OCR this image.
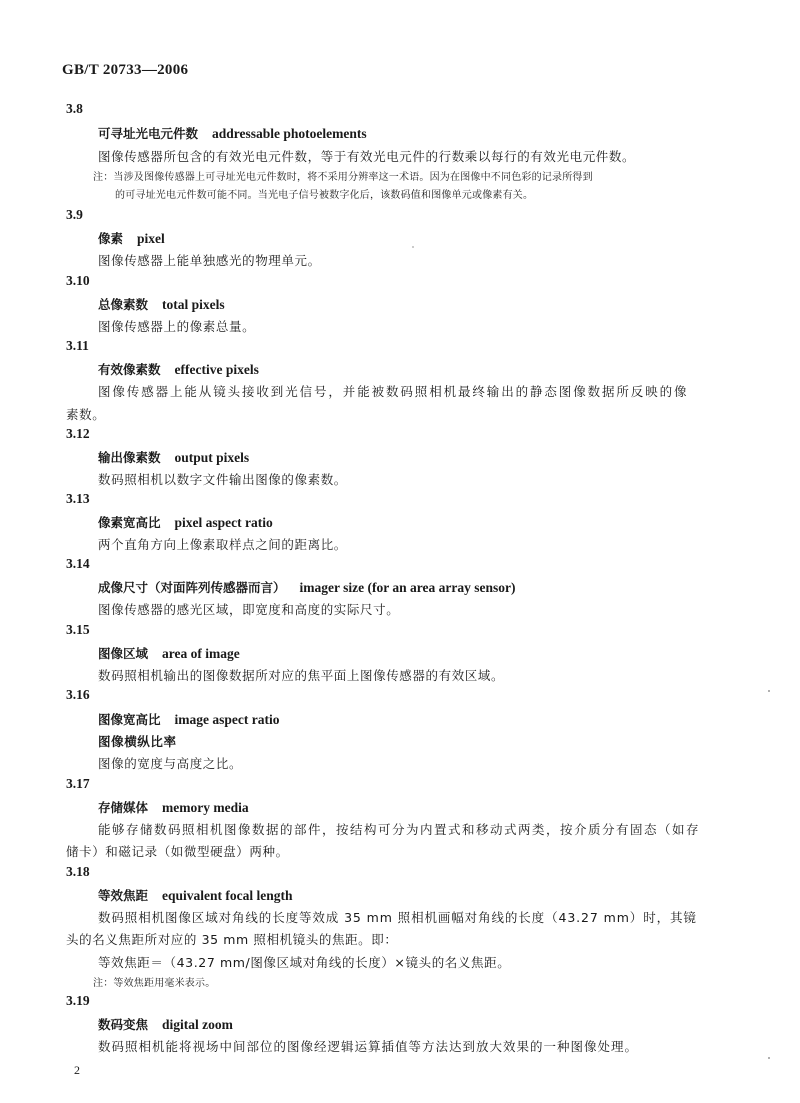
GB/T 20733—2006
3.8
可寻址光电元件数 addressable photoelements
图像传感器所包含的有效光电元件数，等于有效光电元件的行数乘以每行的有效光电元件数。
注：当涉及图像传感器上可寻址光电元件数时，将不采用分辨率这一术语。因为在图像中不同色彩的记录所得到
的可寻址光电元件数可能不同。当光电子信号被数字化后，该数码值和图像单元或像素有关。
3.9
像素 pixel
图像传感器上能单独感光的物理单元。
3.10
总像素数 total pixels
图像传感器上的像素总量。
3.11
有效像素数 effective pixels
图像传感器上能从镜头接收到光信号，并能被数码照相机最终输出的静态图像数据所反映的像
素数。
3.12
输出像素数 output pixels
数码照相机以数字文件输出图像的像素数。
3.13
像素宽高比 pixel aspect ratio
两个直角方向上像素取样点之间的距离比。
3.14
成像尺寸（对面阵列传感器而言） imager size (for an area array sensor)
图像传感器的感光区域，即宽度和高度的实际尺寸。
3.15
图像区域 area of image
数码照相机输出的图像数据所对应的焦平面上图像传感器的有效区域。
3.16
图像宽高比 image aspect ratio
图像横纵比率
图像的宽度与高度之比。
3.17
存储媒体 memory media
能够存储数码照相机图像数据的部件，按结构可分为内置式和移动式两类，按介质分有固态（如存
储卡）和磁记录（如微型硬盘）两种。
3.18
等效焦距 equivalent focal length
数码照相机图像区域对角线的长度等效成 35 mm 照相机画幅对角线的长度（43.27 mm）时，其镜
头的名义焦距所对应的 35 mm 照相机镜头的焦距。即：
等效焦距＝（43.27 mm/图像区域对角线的长度）×镜头的名义焦距。
注：等效焦距用毫米表示。
3.19
数码变焦 digital zoom
数码照相机能将视场中间部位的图像经逻辑运算插值等方法达到放大效果的一种图像处理。
2
